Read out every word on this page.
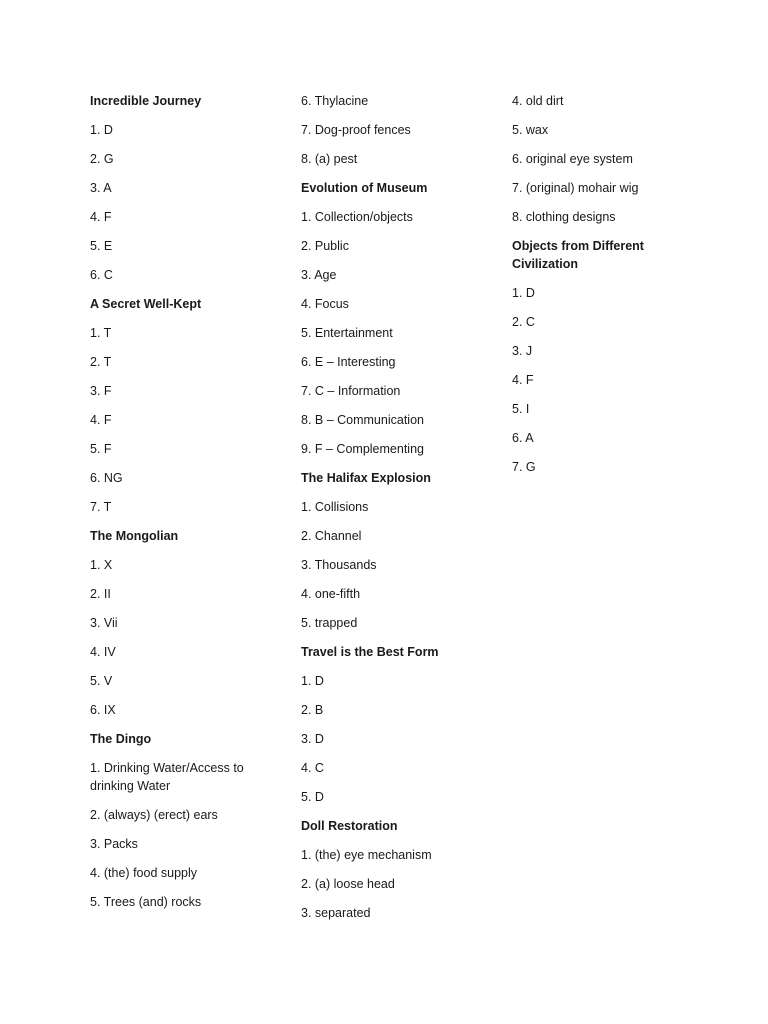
Incredible Journey

1. D

2. G

3. A

4. F

5. E

6. C

A Secret Well-Kept

1. T

2. T

3. F

4. F

5. F

6. NG

7. T

The Mongolian

1. X

2. II

3. Vii

4. IV

5. V

6. IX

The Dingo

1. Drinking Water/Access to drinking Water

2. (always) (erect) ears

3. Packs

4. (the) food supply

5. Trees (and) rocks

6. Thylacine

7. Dog-proof fences

8. (a) pest

Evolution of Museum

1. Collection/objects

2. Public

3. Age

4. Focus

5. Entertainment

6. E – Interesting

7. C – Information

8. B – Communication

9. F – Complementing

The Halifax Explosion

1. Collisions

2. Channel

3. Thousands

4. one-fifth

5. trapped

Travel is the Best Form

1. D

2. B

3. D

4. C

5. D

Doll Restoration

1. (the) eye mechanism

2. (a) loose head

3. separated

4. old dirt

5. wax

6. original eye system

7. (original) mohair wig

8. clothing designs

Objects from Different Civilization

1. D

2. C

3. J

4. F

5. I

6. A

7. G
